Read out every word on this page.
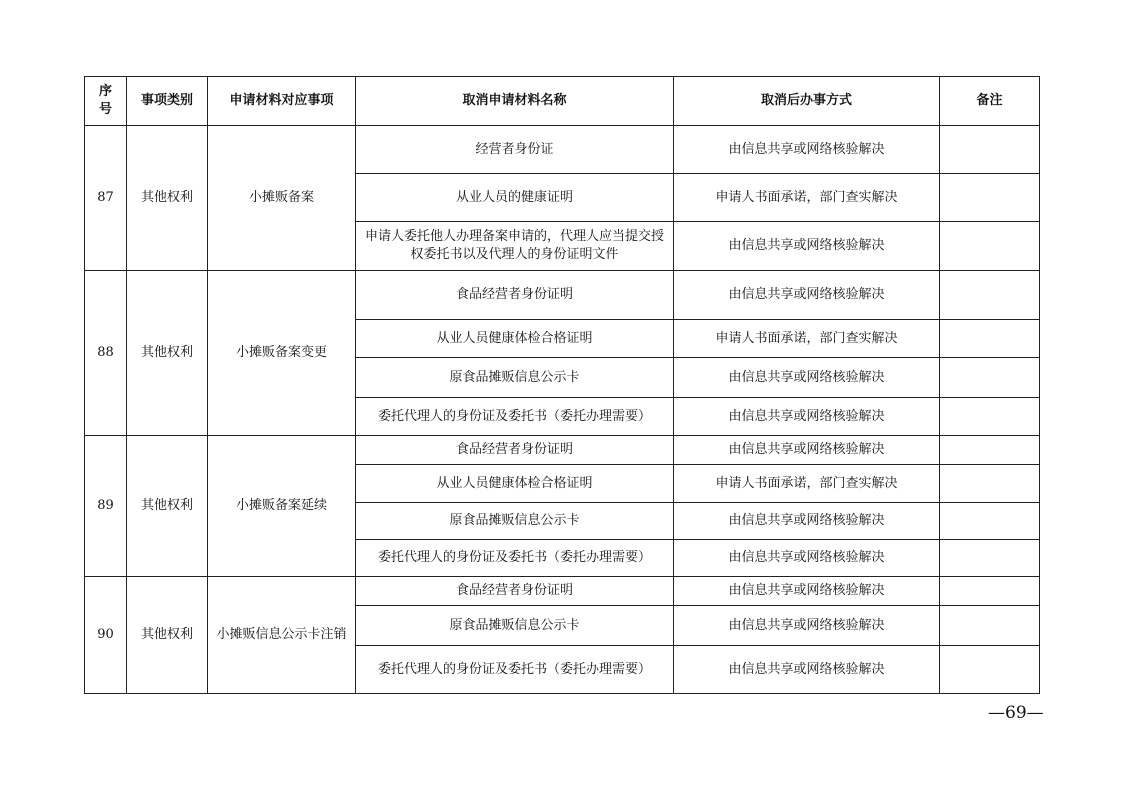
序号	事项类别	申请材料对应事项	取消申请材料名称	取消后办事方式	备注
87	其他权利	小摊贩备案	经营者身份证	由信息共享或网络核验解决	
			从业人员的健康证明	申请人书面承诺，部门查实解决	
			申请人委托他人办理备案申请的，代理人应当提交授权委托书以及代理人的身份证明文件	由信息共享或网络核验解决	
88	其他权利	小摊贩备案变更	食品经营者身份证明	由信息共享或网络核验解决	
			从业人员健康体检合格证明	申请人书面承诺，部门查实解决	
			原食品摊贩信息公示卡	由信息共享或网络核验解决	
			委托代理人的身份证及委托书（委托办理需要）	由信息共享或网络核验解决	
89	其他权利	小摊贩备案延续	食品经营者身份证明	由信息共享或网络核验解决	
			从业人员健康体检合格证明	申请人书面承诺，部门查实解决	
			原食品摊贩信息公示卡	由信息共享或网络核验解决	
			委托代理人的身份证及委托书（委托办理需要）	由信息共享或网络核验解决	
90	其他权利	小摊贩信息公示卡注销	食品经营者身份证明	由信息共享或网络核验解决	
			原食品摊贩信息公示卡	由信息共享或网络核验解决	
			委托代理人的身份证及委托书（委托办理需要）	由信息共享或网络核验解决	
—69—
